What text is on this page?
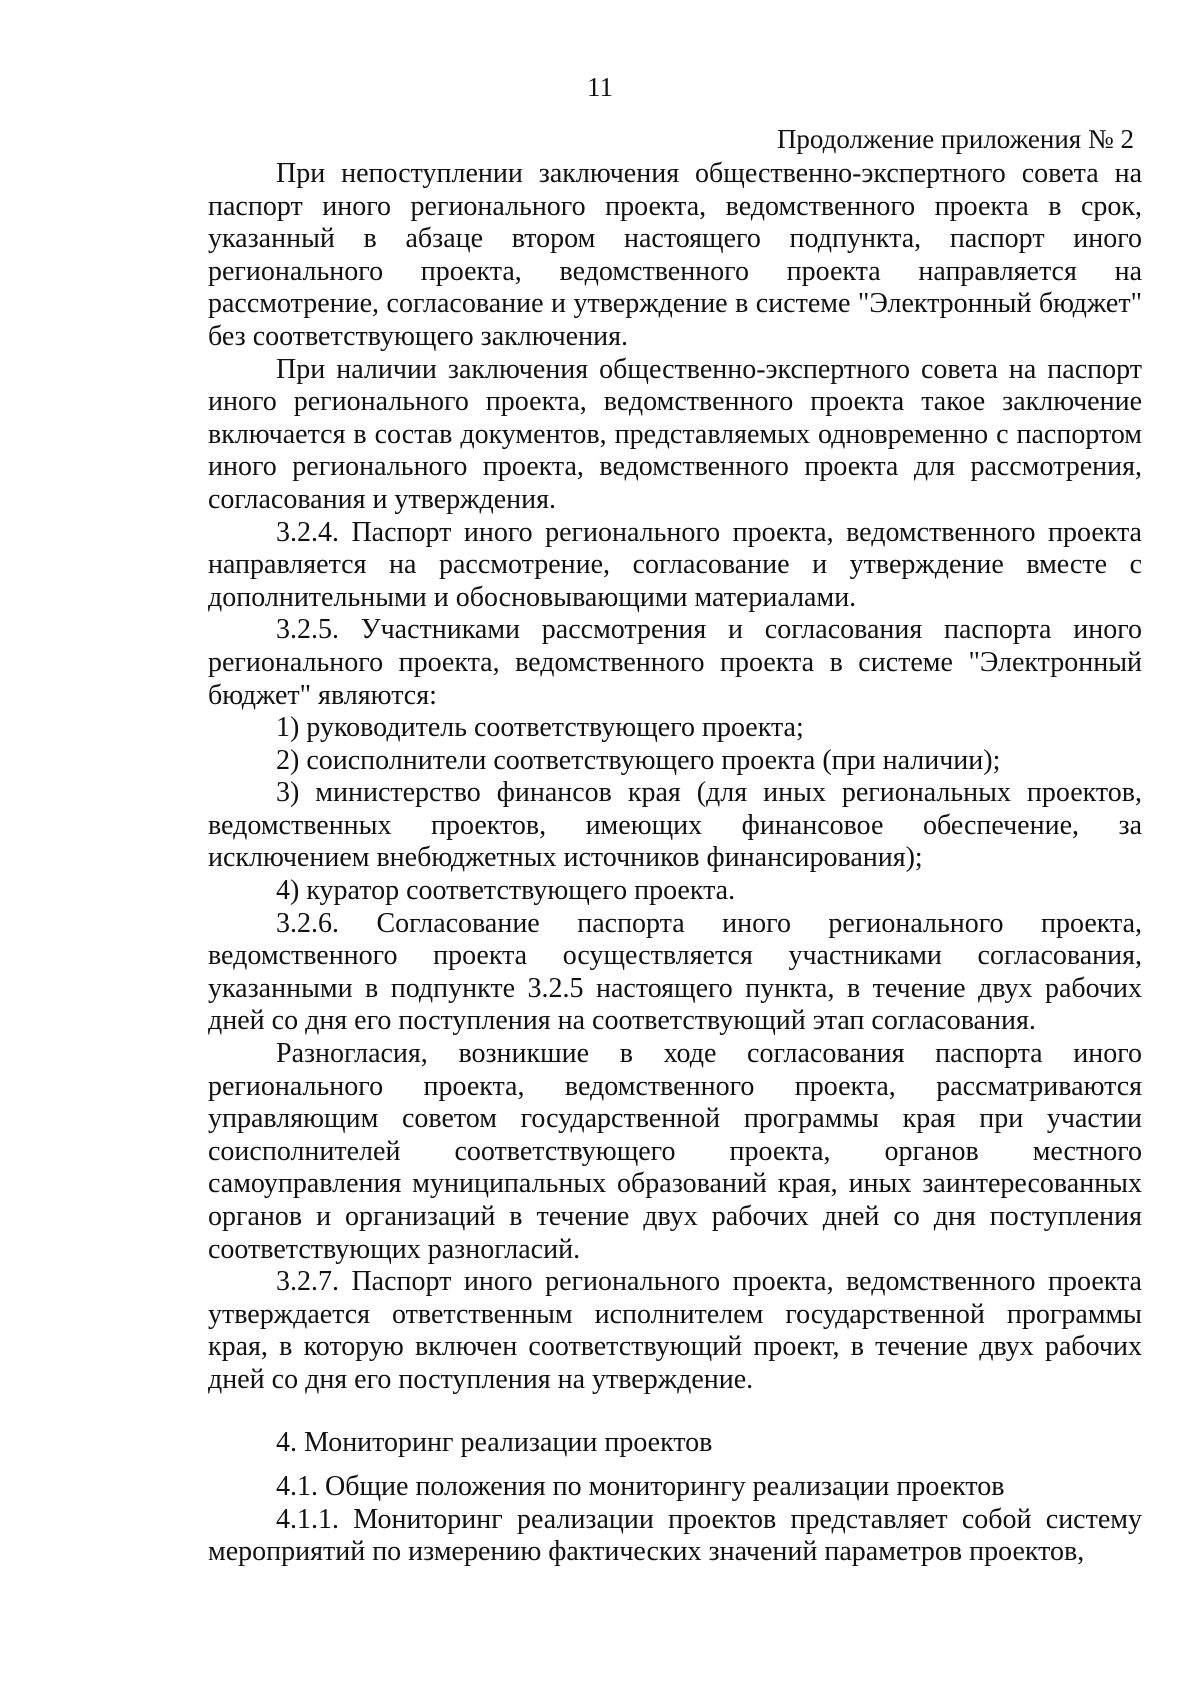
11
Продолжение приложения № 2

При непоступлении заключения общественно-экспертного совета на паспорт иного регионального проекта, ведомственного проекта в срок, указанный в абзаце втором настоящего подпункта, паспорт иного регионального проекта, ведомственного проекта направляется на рассмотрение, согласование и утверждение в системе "Электронный бюджет" без соответствующего заключения.

При наличии заключения общественно-экспертного совета на паспорт иного регионального проекта, ведомственного проекта такое заключение включается в состав документов, представляемых одновременно с паспортом иного регионального проекта, ведомственного проекта для рассмотрения, согласования и утверждения.

3.2.4. Паспорт иного регионального проекта, ведомственного проекта направляется на рассмотрение, согласование и утверждение вместе с дополнительными и обосновывающими материалами.

3.2.5. Участниками рассмотрения и согласования паспорта иного регионального проекта, ведомственного проекта в системе "Электронный бюджет" являются:

1) руководитель соответствующего проекта;

2) соисполнители соответствующего проекта (при наличии);

3) министерство финансов края (для иных региональных проектов, ведомственных проектов, имеющих финансовое обеспечение, за исключением внебюджетных источников финансирования);

4) куратор соответствующего проекта.

3.2.6. Согласование паспорта иного регионального проекта, ведомственного проекта осуществляется участниками согласования, указанными в подпункте 3.2.5 настоящего пункта, в течение двух рабочих дней со дня его поступления на соответствующий этап согласования.

Разногласия, возникшие в ходе согласования паспорта иного регионального проекта, ведомственного проекта, рассматриваются управляющим советом государственной программы края при участии соисполнителей соответствующего проекта, органов местного самоуправления муниципальных образований края, иных заинтересованных органов и организаций в течение двух рабочих дней со дня поступления соответствующих разногласий.

3.2.7. Паспорт иного регионального проекта, ведомственного проекта утверждается ответственным исполнителем государственной программы края, в которую включен соответствующий проект, в течение двух рабочих дней со дня его поступления на утверждение.

4. Мониторинг реализации проектов

4.1. Общие положения по мониторингу реализации проектов

4.1.1. Мониторинг реализации проектов представляет собой систему мероприятий по измерению фактических значений параметров проектов,
